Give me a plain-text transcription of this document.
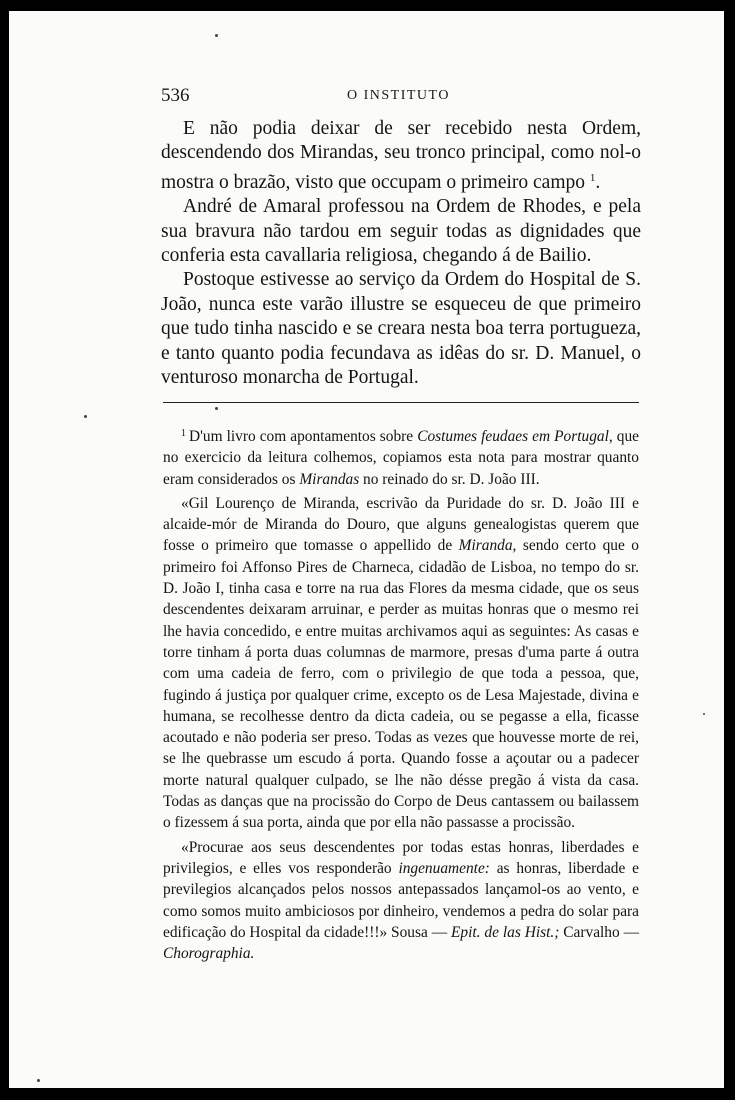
536	O INSTITUTO

E não podia deixar de ser recebido nesta Ordem, descendendo dos Mirandas, seu tronco principal, como nol-o mostra o brazão, visto que occupam o primeiro campo $^1$.

André de Amaral professou na Ordem de Rhodes, e pela sua bravura não tardou em seguir todas as dignidades que conferia esta cavallaria religiosa, chegando á de Bailio.

Postoque estivesse ao serviço da Ordem do Hospital de S. João, nunca este varão illustre se esqueceu de que primeiro que tudo tinha nascido e se creara nesta boa terra portugueza, e tanto quanto podia fecundava as idêas do sr. D. Manuel, o venturoso monarcha de Portugal.

$^1$ D'um livro com apontamentos sobre Costumes feudaes em Portugal, que no exercicio da leitura colhemos, copiamos esta nota para mostrar quanto eram considerados os Mirandas no reinado do sr. D. João III.

«Gil Lourenço de Miranda, escrivão da Puridade do sr. D. João III e alcaide-mór de Miranda do Douro, que alguns genealogistas querem que fosse o primeiro que tomasse o appellido de Miranda, sendo certo que o primeiro foi Affonso Pires de Charneca, cidadão de Lisboa, no tempo do sr. D. João I, tinha casa e torre na rua das Flores da mesma cidade, que os seus descendentes deixaram arruinar, e perder as muitas honras que o mesmo rei lhe havia concedido, e entre muitas archivamos aqui as seguintes: As casas e torre tinham á porta duas columnas de marmore, presas d'uma parte á outra com uma cadeia de ferro, com o privilegio de que toda a pessoa, que, fugindo á justiça por qualquer crime, excepto os de Lesa Majestade, divina e humana, se recolhesse dentro da dicta cadeia, ou se pegasse a ella, ficasse acoutado e não poderia ser preso. Todas as vezes que houvesse morte de rei, se lhe quebrasse um escudo á porta. Quando fosse a açoutar ou a padecer morte natural qualquer culpado, se lhe não désse pregão á vista da casa. Todas as danças que na procissão do Corpo de Deus cantassem ou bailassem o fizessem á sua porta, ainda que por ella não passasse a procissão.

«Procurae aos seus descendentes por todas estas honras, liberdades e privilegios, e elles vos responderão ingenuamente: as honras, liberdade e previlegios alcançados pelos nossos antepassados lançamol-os ao vento, e como somos muito ambiciosos por dinheiro, vendemos a pedra do solar para edificação do Hospital da cidade!!!» Sousa — Epit. de las Hist.; Carvalho — Chorographia.
